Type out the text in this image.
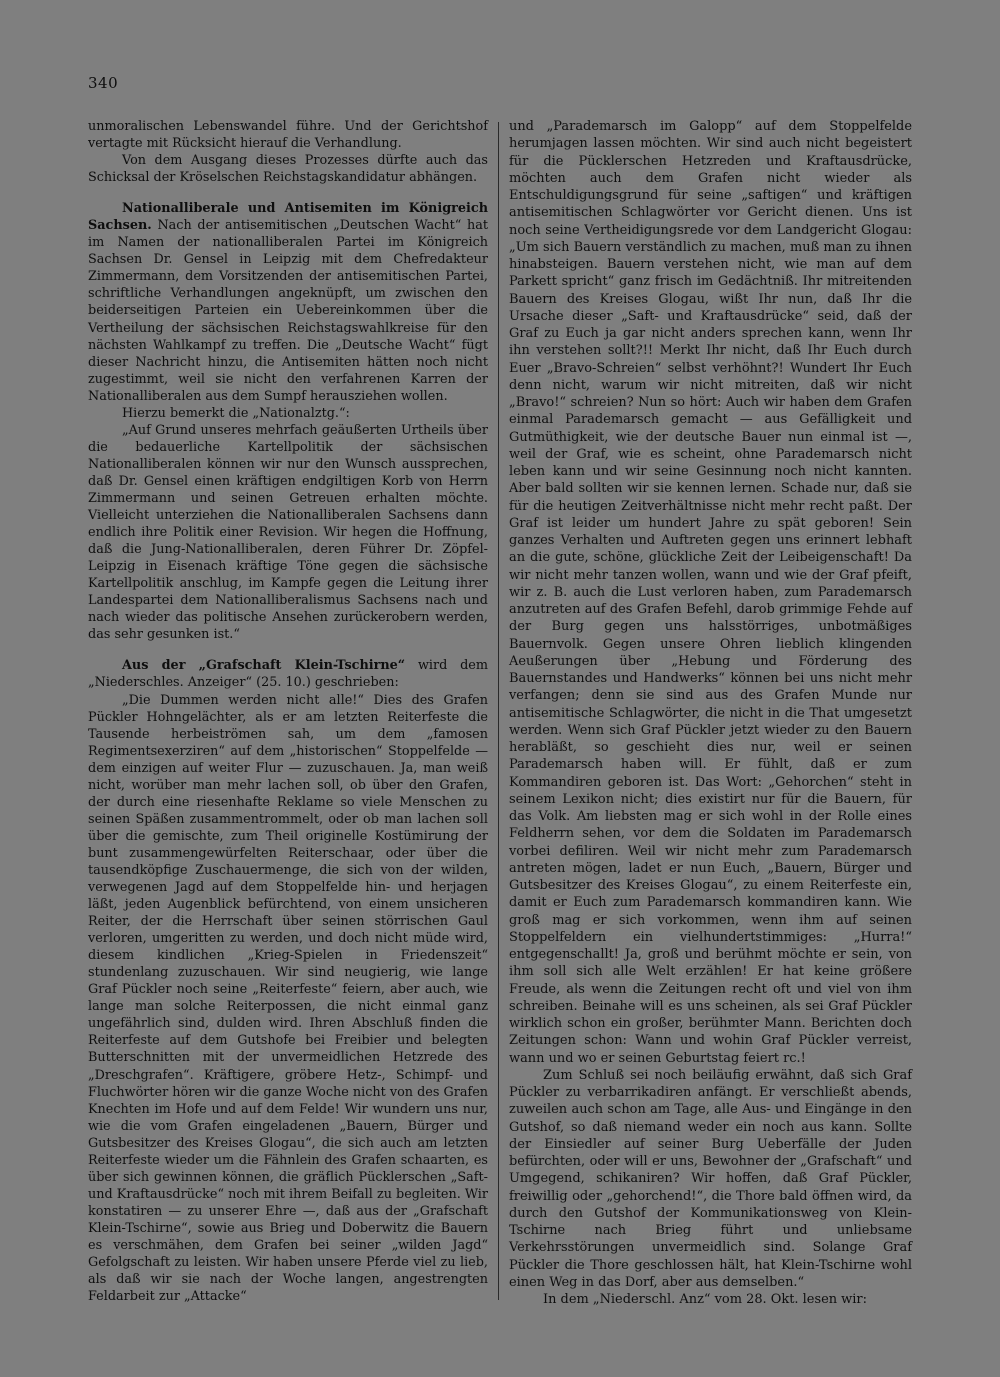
340

unmoralischen Lebenswandel führe. Und der Gerichtshof vertagte mit Rücksicht hierauf die Verhandlung.

Von dem Ausgang dieses Prozesses dürfte auch das Schicksal der Kröselschen Reichstagskandidatur abhängen.

Nationalliberale und Antisemiten im Königreich Sachsen. Nach der antisemitischen „Deutschen Wacht“ hat im Namen der nationalliberalen Partei im Königreich Sachsen Dr. Gensel in Leipzig mit dem Chefredakteur Zimmermann, dem Vorsitzenden der antisemitischen Partei, schriftliche Verhandlungen angeknüpft, um zwischen den beiderseitigen Parteien ein Uebereinkommen über die Vertheilung der sächsischen Reichstagswahlkreise für den nächsten Wahlkampf zu treffen. Die „Deutsche Wacht“ fügt dieser Nachricht hinzu, die Antisemiten hätten noch nicht zugestimmt, weil sie nicht den verfahrenen Karren der Nationalliberalen aus dem Sumpf herausziehen wollen.

Hierzu bemerkt die „Nationalztg.“:

„Auf Grund unseres mehrfach geäußerten Urtheils über die bedauerliche Kartellpolitik der sächsischen Nationalliberalen können wir nur den Wunsch aussprechen, daß Dr. Gensel einen kräftigen endgiltigen Korb von Herrn Zimmermann und seinen Getreuen erhalten möchte. Vielleicht unterziehen die Nationalliberalen Sachsens dann endlich ihre Politik einer Revision. Wir hegen die Hoffnung, daß die Jung-Nationalliberalen, deren Führer Dr. Zöpfel-Leipzig in Eisenach kräftige Töne gegen die sächsische Kartellpolitik anschlug, im Kampfe gegen die Leitung ihrer Landespartei dem Nationalliberalismus Sachsens nach und nach wieder das politische Ansehen zurückerobern werden, das sehr gesunken ist.“

Aus der „Grafschaft Klein-Tschirne“ wird dem „Niederschles. Anzeiger“ (25. 10.) geschrieben:

„Die Dummen werden nicht alle!“ Dies des Grafen Pückler Hohngelächter, als er am letzten Reiterfeste die Tausende herbeiströmen sah, um dem „famosen Regimentsexerziren“ auf dem „historischen“ Stoppelfelde — dem einzigen auf weiter Flur — zuzuschauen. Ja, man weiß nicht, worüber man mehr lachen soll, ob über den Grafen, der durch eine riesenhafte Reklame so viele Menschen zu seinen Späßen zusammentrommelt, oder ob man lachen soll über die gemischte, zum Theil originelle Kostümirung der bunt zusammengewürfelten Reiterschaar, oder über die tausendköpfige Zuschauermenge, die sich von der wilden, verwegenen Jagd auf dem Stoppelfelde hin- und herjagen läßt, jeden Augenblick befürchtend, von einem unsicheren Reiter, der die Herrschaft über seinen störrischen Gaul verloren, umgeritten zu werden, und doch nicht müde wird, diesem kindlichen „Krieg-Spielen in Friedenszeit“ stundenlang zuzuschauen. Wir sind neugierig, wie lange Graf Pückler noch seine „Reiterfeste“ feiern, aber auch, wie lange man solche Reiterpossen, die nicht einmal ganz ungefährlich sind, dulden wird. Ihren Abschluß finden die Reiterfeste auf dem Gutshofe bei Freibier und belegten Butterschnitten mit der unvermeidlichen Hetzrede des „Dreschgrafen“. Kräftigere, gröbere Hetz-, Schimpf- und Fluchwörter hören wir die ganze Woche nicht von des Grafen Knechten im Hofe und auf dem Felde! Wir wundern uns nur, wie die vom Grafen eingeladenen „Bauern, Bürger und Gutsbesitzer des Kreises Glogau“, die sich auch am letzten Reiterfeste wieder um die Fähnlein des Grafen schaarten, es über sich gewinnen können, die gräflich Pücklerschen „Saft- und Kraftausdrücke“ noch mit ihrem Beifall zu begleiten. Wir konstatiren — zu unserer Ehre —, daß aus der „Grafschaft Klein-Tschirne“, sowie aus Brieg und Doberwitz die Bauern es verschmähen, dem Grafen bei seiner „wilden Jagd“ Gefolgschaft zu leisten. Wir haben unsere Pferde viel zu lieb, als daß wir sie nach der Woche langen, angestrengten Feldarbeit zur „Attacke“

und „Parademarsch im Galopp“ auf dem Stoppelfelde herumjagen lassen möchten. Wir sind auch nicht begeistert für die Pücklerschen Hetzreden und Kraftausdrücke, möchten auch dem Grafen nicht wieder als Entschuldigungsgrund für seine „saftigen“ und kräftigen antisemitischen Schlagwörter vor Gericht dienen. Uns ist noch seine Vertheidigungsrede vor dem Landgericht Glogau: „Um sich Bauern verständlich zu machen, muß man zu ihnen hinabsteigen. Bauern verstehen nicht, wie man auf dem Parkett spricht“ ganz frisch im Gedächtniß. Ihr mitreitenden Bauern des Kreises Glogau, wißt Ihr nun, daß Ihr die Ursache dieser „Saft- und Kraftausdrücke“ seid, daß der Graf zu Euch ja gar nicht anders sprechen kann, wenn Ihr ihn verstehen sollt?!! Merkt Ihr nicht, daß Ihr Euch durch Euer „Bravo-Schreien“ selbst verhöhnt?! Wundert Ihr Euch denn nicht, warum wir nicht mitreiten, daß wir nicht „Bravo!“ schreien? Nun so hört: Auch wir haben dem Grafen einmal Parademarsch gemacht — aus Gefälligkeit und Gutmüthigkeit, wie der deutsche Bauer nun einmal ist —, weil der Graf, wie es scheint, ohne Parademarsch nicht leben kann und wir seine Gesinnung noch nicht kannten. Aber bald sollten wir sie kennen lernen. Schade nur, daß sie für die heutigen Zeitverhältnisse nicht mehr recht paßt. Der Graf ist leider um hundert Jahre zu spät geboren! Sein ganzes Verhalten und Auftreten gegen uns erinnert lebhaft an die gute, schöne, glückliche Zeit der Leibeigenschaft! Da wir nicht mehr tanzen wollen, wann und wie der Graf pfeift, wir z. B. auch die Lust verloren haben, zum Parademarsch anzutreten auf des Grafen Befehl, darob grimmige Fehde auf der Burg gegen uns halsstörriges, unbotmäßiges Bauernvolk. Gegen unsere Ohren lieblich klingenden Aeußerungen über „Hebung und Förderung des Bauernstandes und Handwerks“ können bei uns nicht mehr verfangen; denn sie sind aus des Grafen Munde nur antisemitische Schlagwörter, die nicht in die That umgesetzt werden. Wenn sich Graf Pückler jetzt wieder zu den Bauern herabläßt, so geschieht dies nur, weil er seinen Parademarsch haben will. Er fühlt, daß er zum Kommandiren geboren ist. Das Wort: „Gehorchen“ steht in seinem Lexikon nicht; dies existirt nur für die Bauern, für das Volk. Am liebsten mag er sich wohl in der Rolle eines Feldherrn sehen, vor dem die Soldaten im Parademarsch vorbei defiliren. Weil wir nicht mehr zum Parademarsch antreten mögen, ladet er nun Euch, „Bauern, Bürger und Gutsbesitzer des Kreises Glogau“, zu einem Reiterfeste ein, damit er Euch zum Parademarsch kommandiren kann. Wie groß mag er sich vorkommen, wenn ihm auf seinen Stoppelfeldern ein vielhundertstimmiges: „Hurra!“ entgegenschallt! Ja, groß und berühmt möchte er sein, von ihm soll sich alle Welt erzählen! Er hat keine größere Freude, als wenn die Zeitungen recht oft und viel von ihm schreiben. Beinahe will es uns scheinen, als sei Graf Pückler wirklich schon ein großer, berühmter Mann. Berichten doch Zeitungen schon: Wann und wohin Graf Pückler verreist, wann und wo er seinen Geburtstag feiert rc.!

Zum Schluß sei noch beiläufig erwähnt, daß sich Graf Pückler zu verbarrikadiren anfängt. Er verschließt abends, zuweilen auch schon am Tage, alle Aus- und Eingänge in den Gutshof, so daß niemand weder ein noch aus kann. Sollte der Einsiedler auf seiner Burg Ueberfälle der Juden befürchten, oder will er uns, Bewohner der „Grafschaft“ und Umgegend, schikaniren? Wir hoffen, daß Graf Pückler, freiwillig oder „gehorchend!“, die Thore bald öffnen wird, da durch den Gutshof der Kommunikationsweg von Klein-Tschirne nach Brieg führt und unliebsame Verkehrsstörungen unvermeidlich sind. Solange Graf Pückler die Thore geschlossen hält, hat Klein-Tschirne wohl einen Weg in das Dorf, aber aus demselben.“

In dem „Niederschl. Anz“ vom 28. Okt. lesen wir:
